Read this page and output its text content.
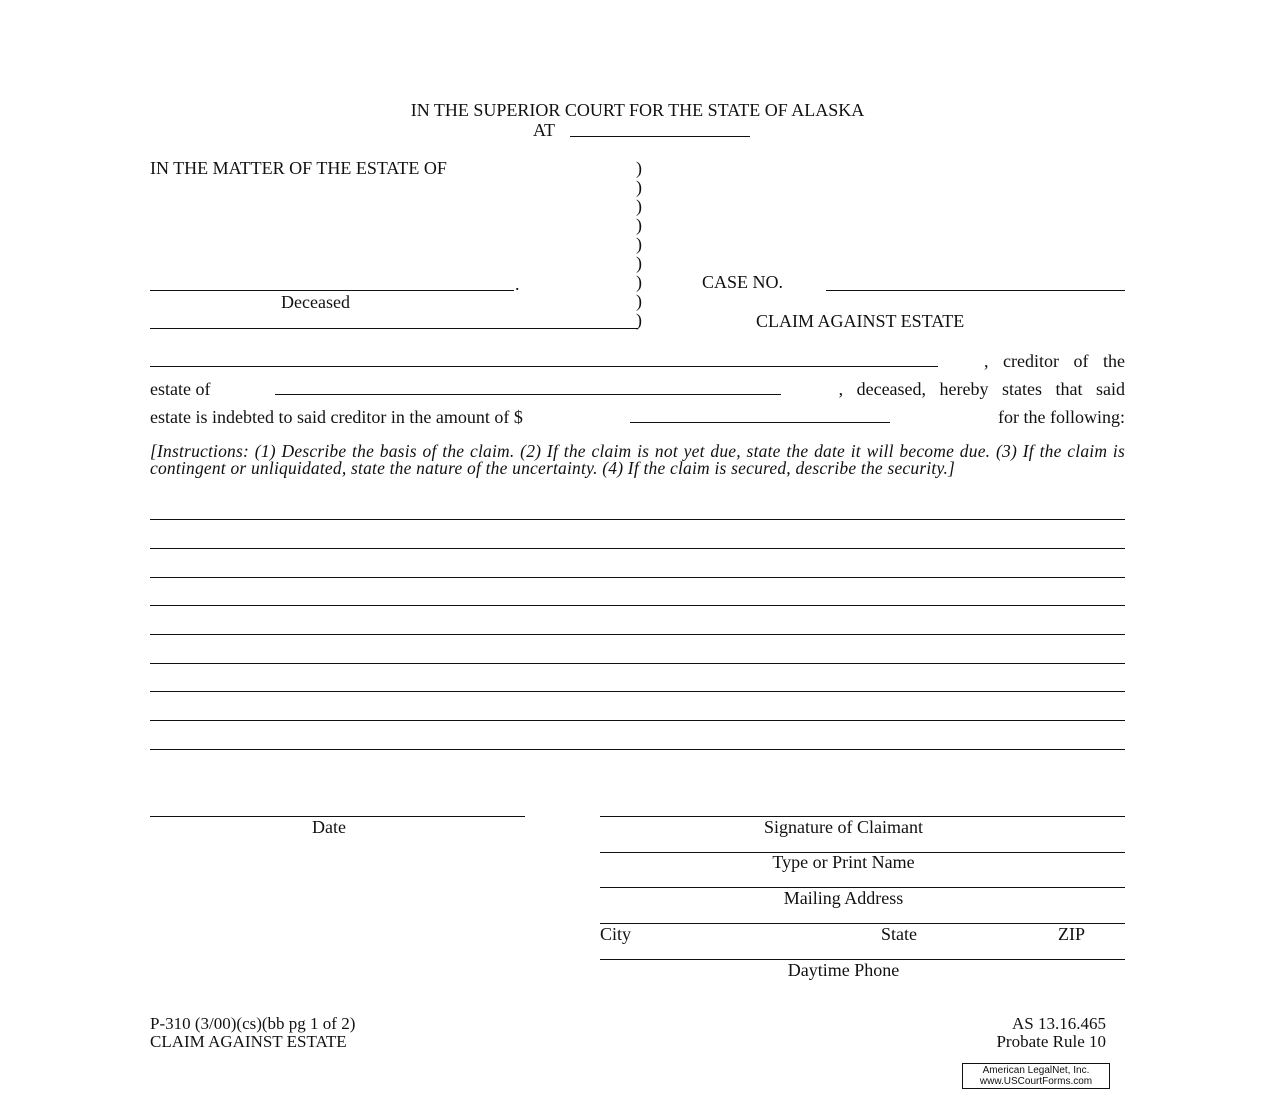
IN THE SUPERIOR COURT FOR THE STATE OF ALASKA
AT
IN THE MATTER OF THE ESTATE OF
.
Deceased
)
)
)
)
)
)
)
)
)
CASE NO.
CLAIM AGAINST ESTATE
, creditor of the
estate of	, deceased, hereby states that said
estate is indebted to said creditor in the amount of $	for the following:
[Instructions: (1) Describe the basis of the claim. (2) If the claim is not yet due, state the date it will become due. (3) If the claim is contingent or unliquidated, state the nature of the uncertainty. (4) If the claim is secured, describe the security.]
Date	Signature of Claimant
Type or Print Name
Mailing Address
City	State	ZIP
Daytime Phone
P-310 (3/00)(cs)(bb pg 1 of 2)
CLAIM AGAINST ESTATE
AS 13.16.465
Probate Rule 10
American LegalNet, Inc.
www.USCourtForms.com
